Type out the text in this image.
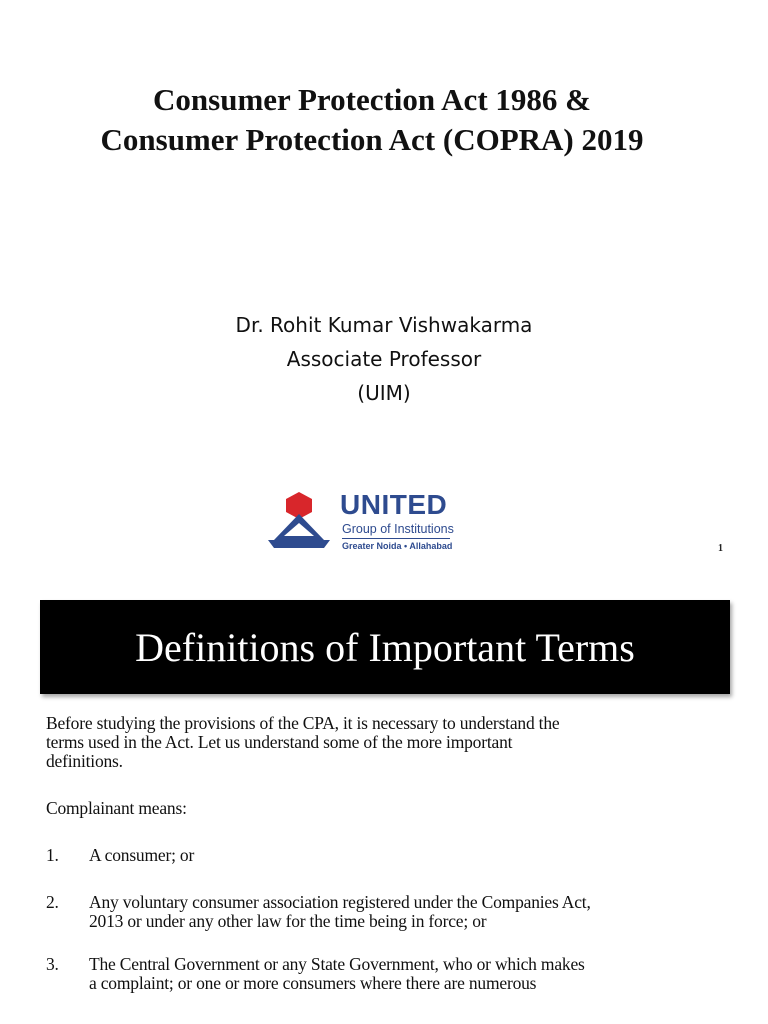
Consumer Protection Act 1986 &
Consumer Protection Act (COPRA) 2019
Dr. Rohit Kumar Vishwakarma
Associate Professor
(UIM)
UNITED
Group of Institutions
Greater Noida • Allahabad	1
Definitions of Important Terms
Before studying the provisions of the CPA, it is necessary to understand the
terms used in the Act. Let us understand some of the more important
definitions.
Complainant means:
1. A consumer; or
2. Any voluntary consumer association registered under the Companies Act,
2013 or under any other law for the time being in force; or
3. The Central Government or any State Government, who or which makes
a complaint; or one or more consumers where there are numerous
